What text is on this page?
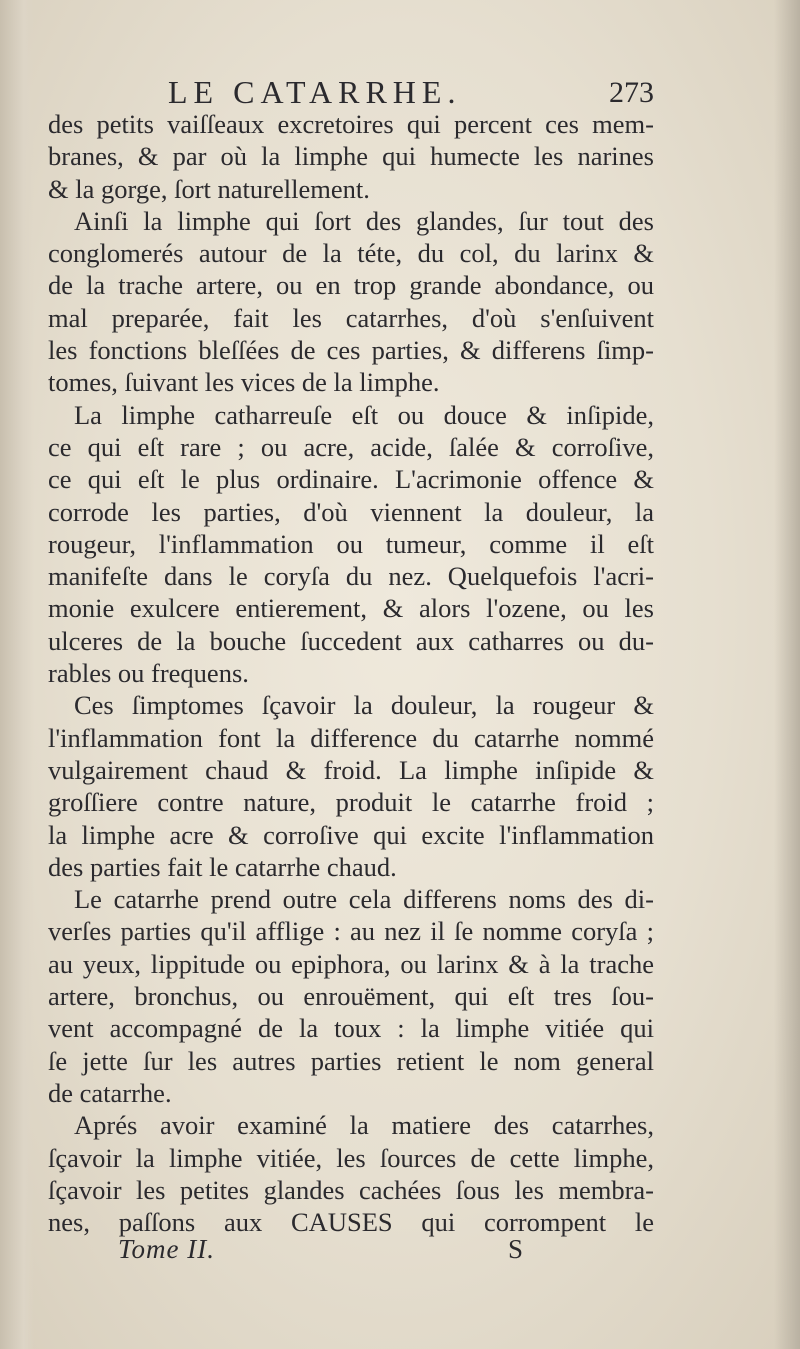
LE CATARRHE.	273
des petits vaiſſeaux excretoires qui percent ces mem-
branes, & par où la limphe qui humecte les narines
& la gorge, ſort naturellement.
Ainſi la limphe qui ſort des glandes, ſur tout des
conglomerés autour de la téte, du col, du larinx &
de la trache artere, ou en trop grande abondance, ou
mal preparée, fait les catarrhes, d'où s'enſuivent
les fonctions bleſſées de ces parties, & differens ſimp-
tomes, ſuivant les vices de la limphe.
La limphe catharreuſe eſt ou douce & inſipide,
ce qui eſt rare ; ou acre, acide, ſalée & corroſive,
ce qui eſt le plus ordinaire. L'acrimonie offence &
corrode les parties, d'où viennent la douleur, la
rougeur, l'inflammation ou tumeur, comme il eſt
manifeſte dans le coryſa du nez. Quelquefois l'acri-
monie exulcere entierement, & alors l'ozene, ou les
ulceres de la bouche ſuccedent aux catharres ou du-
rables ou frequens.
Ces ſimptomes ſçavoir la douleur, la rougeur &
l'inflammation font la difference du catarrhe nommé
vulgairement chaud & froid. La limphe inſipide &
groſſiere contre nature, produit le catarrhe froid ;
la limphe acre & corroſive qui excite l'inflammation
des parties fait le catarrhe chaud.
Le catarrhe prend outre cela differens noms des di-
verſes parties qu'il afflige : au nez il ſe nomme coryſa ;
au yeux, lippitude ou epiphora, ou larinx & à la trache
artere, bronchus, ou enrouëment, qui eſt tres ſou-
vent accompagné de la toux : la limphe vitiée qui
ſe jette ſur les autres parties retient le nom general
de catarrhe.
Aprés avoir examiné la matiere des catarrhes,
ſçavoir la limphe vitiée, les ſources de cette limphe,
ſçavoir les petites glandes cachées ſous les membra-
nes, paſſons aux CAUSES qui corrompent le
Tome II.	S
